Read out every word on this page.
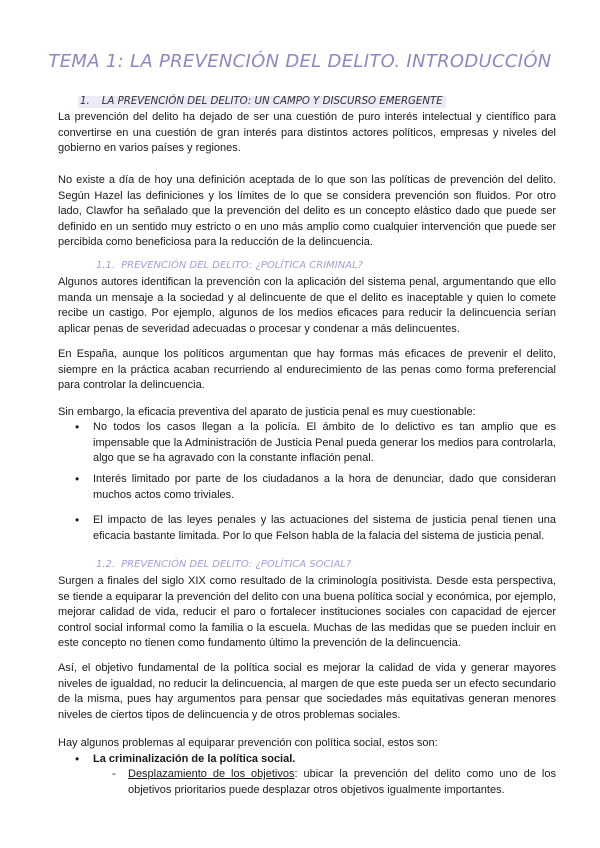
TEMA 1: LA PREVENCIÓN DEL DELITO. INTRODUCCIÓN
1. LA PREVENCIÓN DEL DELITO: UN CAMPO Y DISCURSO EMERGENTE
La prevención del delito ha dejado de ser una cuestión de puro interés intelectual y científico para convertirse en una cuestión de gran interés para distintos actores políticos, empresas y niveles del gobierno en varios países y regiones.
No existe a día de hoy una definición aceptada de lo que son las políticas de prevención del delito. Según Hazel las definiciones y los límites de lo que se considera prevención son fluidos. Por otro lado, Clawfor ha señalado que la prevención del delito es un concepto elástico dado que puede ser definido en un sentido muy estricto o en uno más amplio como cualquier intervención que puede ser percibida como beneficiosa para la reducción de la delincuencia.
1.1. PREVENCIÓN DEL DELITO: ¿POLÍTICA CRIMINAL?
Algunos autores identifican la prevención con la aplicación del sistema penal, argumentando que ello manda un mensaje a la sociedad y al delincuente de que el delito es inaceptable y quien lo comete recibe un castigo. Por ejemplo, algunos de los medios eficaces para reducir la delincuencia serían aplicar penas de severidad adecuadas o procesar y condenar a más delincuentes.
En España, aunque los políticos argumentan que hay formas más eficaces de prevenir el delito, siempre en la práctica acaban recurriendo al endurecimiento de las penas como forma preferencial para controlar la delincuencia.
Sin embargo, la eficacia preventiva del aparato de justicia penal es muy cuestionable:
• No todos los casos llegan a la policía. El ámbito de lo delictivo es tan amplio que es impensable que la Administración de Justicia Penal pueda generar los medios para controlarla, algo que se ha agravado con la constante inflación penal.
• Interés limitado por parte de los ciudadanos a la hora de denunciar, dado que consideran muchos actos como triviales.
• El impacto de las leyes penales y las actuaciones del sistema de justicia penal tienen una eficacia bastante limitada. Por lo que Felson habla de la falacia del sistema de justicia penal.
1.2. PREVENCIÓN DEL DELITO: ¿POLÍTICA SOCIAL?
Surgen a finales del siglo XIX como resultado de la criminología positivista. Desde esta perspectiva, se tiende a equiparar la prevención del delito con una buena política social y económica, por ejemplo, mejorar calidad de vida, reducir el paro o fortalecer instituciones sociales con capacidad de ejercer control social informal como la familia o la escuela. Muchas de las medidas que se pueden incluir en este concepto no tienen como fundamento último la prevención de la delincuencia.
Así, el objetivo fundamental de la política social es mejorar la calidad de vida y generar mayores niveles de igualdad, no reducir la delincuencia, al margen de que este pueda ser un efecto secundario de la misma, pues hay argumentos para pensar que sociedades más equitativas generan menores niveles de ciertos tipos de delincuencia y de otros problemas sociales.
Hay algunos problemas al equiparar prevención con política social, estos son:
• La criminalización de la política social.
- Desplazamiento de los objetivos: ubicar la prevención del delito como uno de los objetivos prioritarios puede desplazar otros objetivos igualmente importantes.
